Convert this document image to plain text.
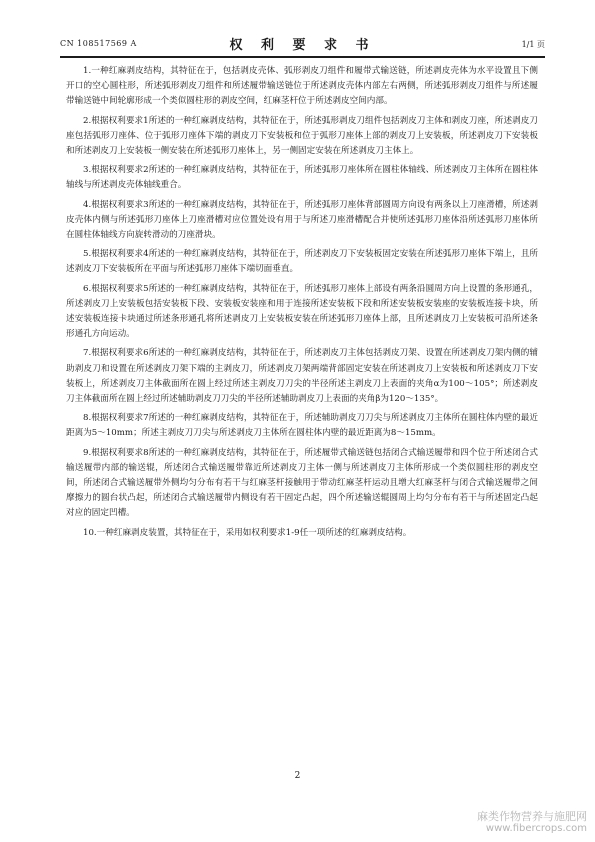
CN 108517569 A	权 利 要 求 书	1/1 页

1.一种红麻剥皮结构，其特征在于，包括剥皮壳体、弧形剥皮刀组件和履带式输送链，所述剥皮壳体为水平设置且下侧开口的空心圆柱形，所述弧形剥皮刀组件和所述履带输送链位于所述剥皮壳体内部左右两侧，所述弧形剥皮刀组件与所述履带输送链中间轮廓形成一个类似圆柱形的剥皮空间，红麻茎杆位于所述剥皮空间内部。

2.根据权利要求1所述的一种红麻剥皮结构，其特征在于，所述弧形剥皮刀组件包括剥皮刀主体和剥皮刀座，所述剥皮刀座包括弧形刀座体、位于弧形刀座体下端的剥皮刀下安装板和位于弧形刀座体上部的剥皮刀上安装板，所述剥皮刀下安装板和所述剥皮刀上安装板一侧安装在所述弧形刀座体上，另一侧固定安装在所述剥皮刀主体上。

3.根据权利要求2所述的一种红麻剥皮结构，其特征在于，所述弧形刀座体所在圆柱体轴线、所述剥皮刀主体所在圆柱体轴线与所述剥皮壳体轴线重合。

4.根据权利要求3所述的一种红麻剥皮结构，其特征在于，所述弧形刀座体背部圆周方向设有两条以上刀座滑槽，所述剥皮壳体内侧与所述弧形刀座体上刀座滑槽对应位置处设有用于与所述刀座滑槽配合并使所述弧形刀座体沿所述弧形刀座体所在圆柱体轴线方向旋转滑动的刀座滑块。

5.根据权利要求4所述的一种红麻剥皮结构，其特征在于，所述剥皮刀下安装板固定安装在所述弧形刀座体下端上，且所述剥皮刀下安装板所在平面与所述弧形刀座体下端切面垂直。

6.根据权利要求5所述的一种红麻剥皮结构，其特征在于，所述弧形刀座体上部设有两条沿圆周方向上设置的条形通孔，所述剥皮刀上安装板包括安装板下段、安装板安装座和用于连接所述安装板下段和所述安装板安装座的安装板连接卡块，所述安装板连接卡块通过所述条形通孔将所述剥皮刀上安装板安装在所述弧形刀座体上部，且所述剥皮刀上安装板可沿所述条形通孔方向运动。

7.根据权利要求6所述的一种红麻剥皮结构，其特征在于，所述剥皮刀主体包括剥皮刀架、设置在所述剥皮刀架内侧的辅助剥皮刀和设置在所述剥皮刀架下端的主剥皮刀，所述剥皮刀架两端背部固定安装在所述剥皮刀上安装板和所述剥皮刀下安装板上，所述剥皮刀主体截面所在圆上经过所述主剥皮刀刀尖的半径所述主剥皮刀上表面的夹角α为100～105°；所述剥皮刀主体截面所在圆上经过所述辅助剥皮刀刀尖的半径所述辅助剥皮刀上表面的夹角β为120～135°。

8.根据权利要求7所述的一种红麻剥皮结构，其特征在于，所述辅助剥皮刀刀尖与所述剥皮刀主体所在圆柱体内壁的最近距离为5～10mm；所述主剥皮刀刀尖与所述剥皮刀主体所在圆柱体内壁的最近距离为8～15mm。

9.根据权利要求8所述的一种红麻剥皮结构，其特征在于，所述履带式输送链包括闭合式输送履带和四个位于所述闭合式输送履带内部的输送辊，所述闭合式输送履带靠近所述剥皮刀主体一侧与所述剥皮刀主体所形成一个类似圆柱形的剥皮空间，所述闭合式输送履带外侧均匀分布有若干与红麻茎杆接触用于带动红麻茎杆运动且增大红麻茎杆与闭合式输送履带之间摩擦力的圆台状凸起，所述闭合式输送履带内侧设有若干固定凸起，四个所述输送辊圆周上均匀分布有若干与所述固定凸起对应的固定凹槽。

10.一种红麻剥皮装置，其特征在于，采用如权利要求1-9任一项所述的红麻剥皮结构。

2
麻类作物营养与施肥网
www.fibercrops.com
